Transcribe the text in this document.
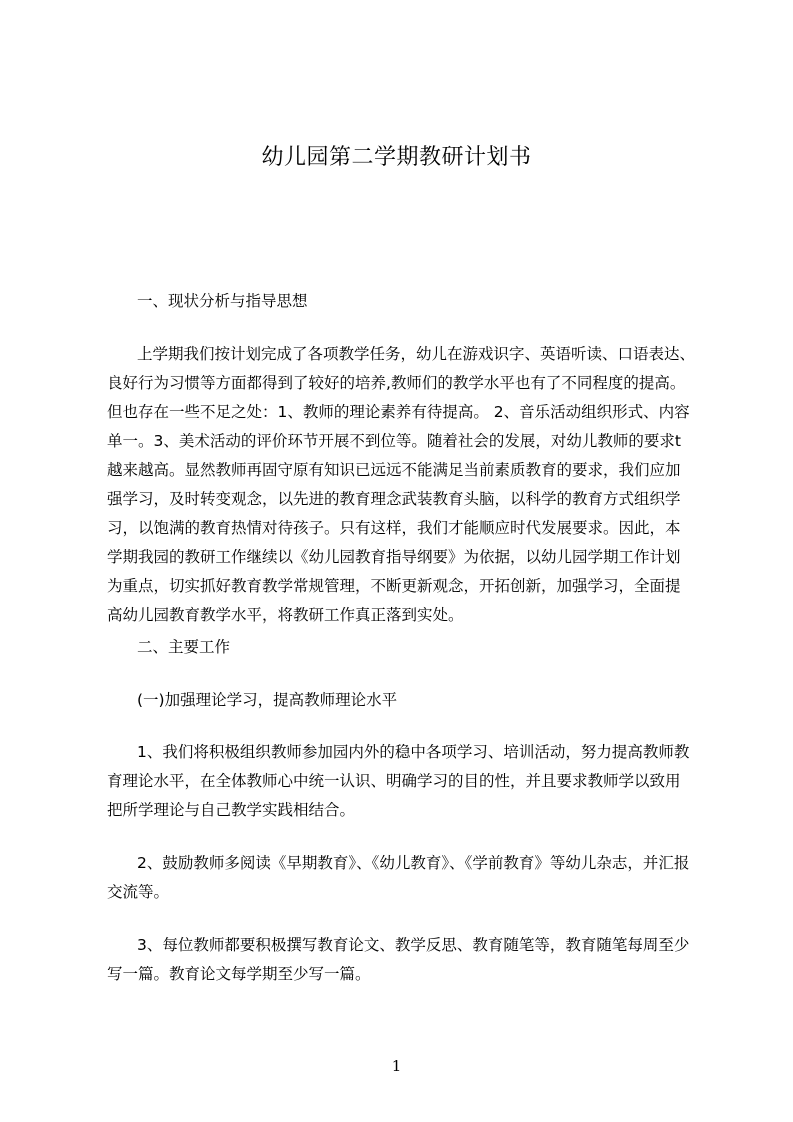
幼儿园第二学期教研计划书
一、现状分析与指导思想
上学期我们按计划完成了各项教学任务，幼儿在游戏识字、英语听读、口语表达、
良好行为习惯等方面都得到了较好的培养,教师们的教学水平也有了不同程度的提高。
但也存在一些不足之处：1、教师的理论素养有待提高。 2、音乐活动组织形式、内容
单一。3、美术活动的评价环节开展不到位等。随着社会的发展，对幼儿教师的要求t
越来越高。显然教师再固守原有知识已远远不能满足当前素质教育的要求，我们应加
强学习，及时转变观念，以先进的教育理念武装教育头脑，以科学的教育方式组织学
习，以饱满的教育热情对待孩子。只有这样，我们才能顺应时代发展要求。因此，本
学期我园的教研工作继续以《幼儿园教育指导纲要》为依据，以幼儿园学期工作计划
为重点，切实抓好教育教学常规管理，不断更新观念，开拓创新，加强学习，全面提
高幼儿园教育教学水平，将教研工作真正落到实处。
二、主要工作
(一)加强理论学习，提高教师理论水平
1、我们将积极组织教师参加园内外的稳中各项学习、培训活动，努力提高教师教
育理论水平，在全体教师心中统一认识、明确学习的目的性，并且要求教师学以致用
把所学理论与自己教学实践相结合。
2、鼓励教师多阅读《早期教育》、《幼儿教育》、《学前教育》等幼儿杂志，并汇报
交流等。
3、每位教师都要积极撰写教育论文、教学反思、教育随笔等，教育随笔每周至少
写一篇。教育论文每学期至少写一篇。
1
